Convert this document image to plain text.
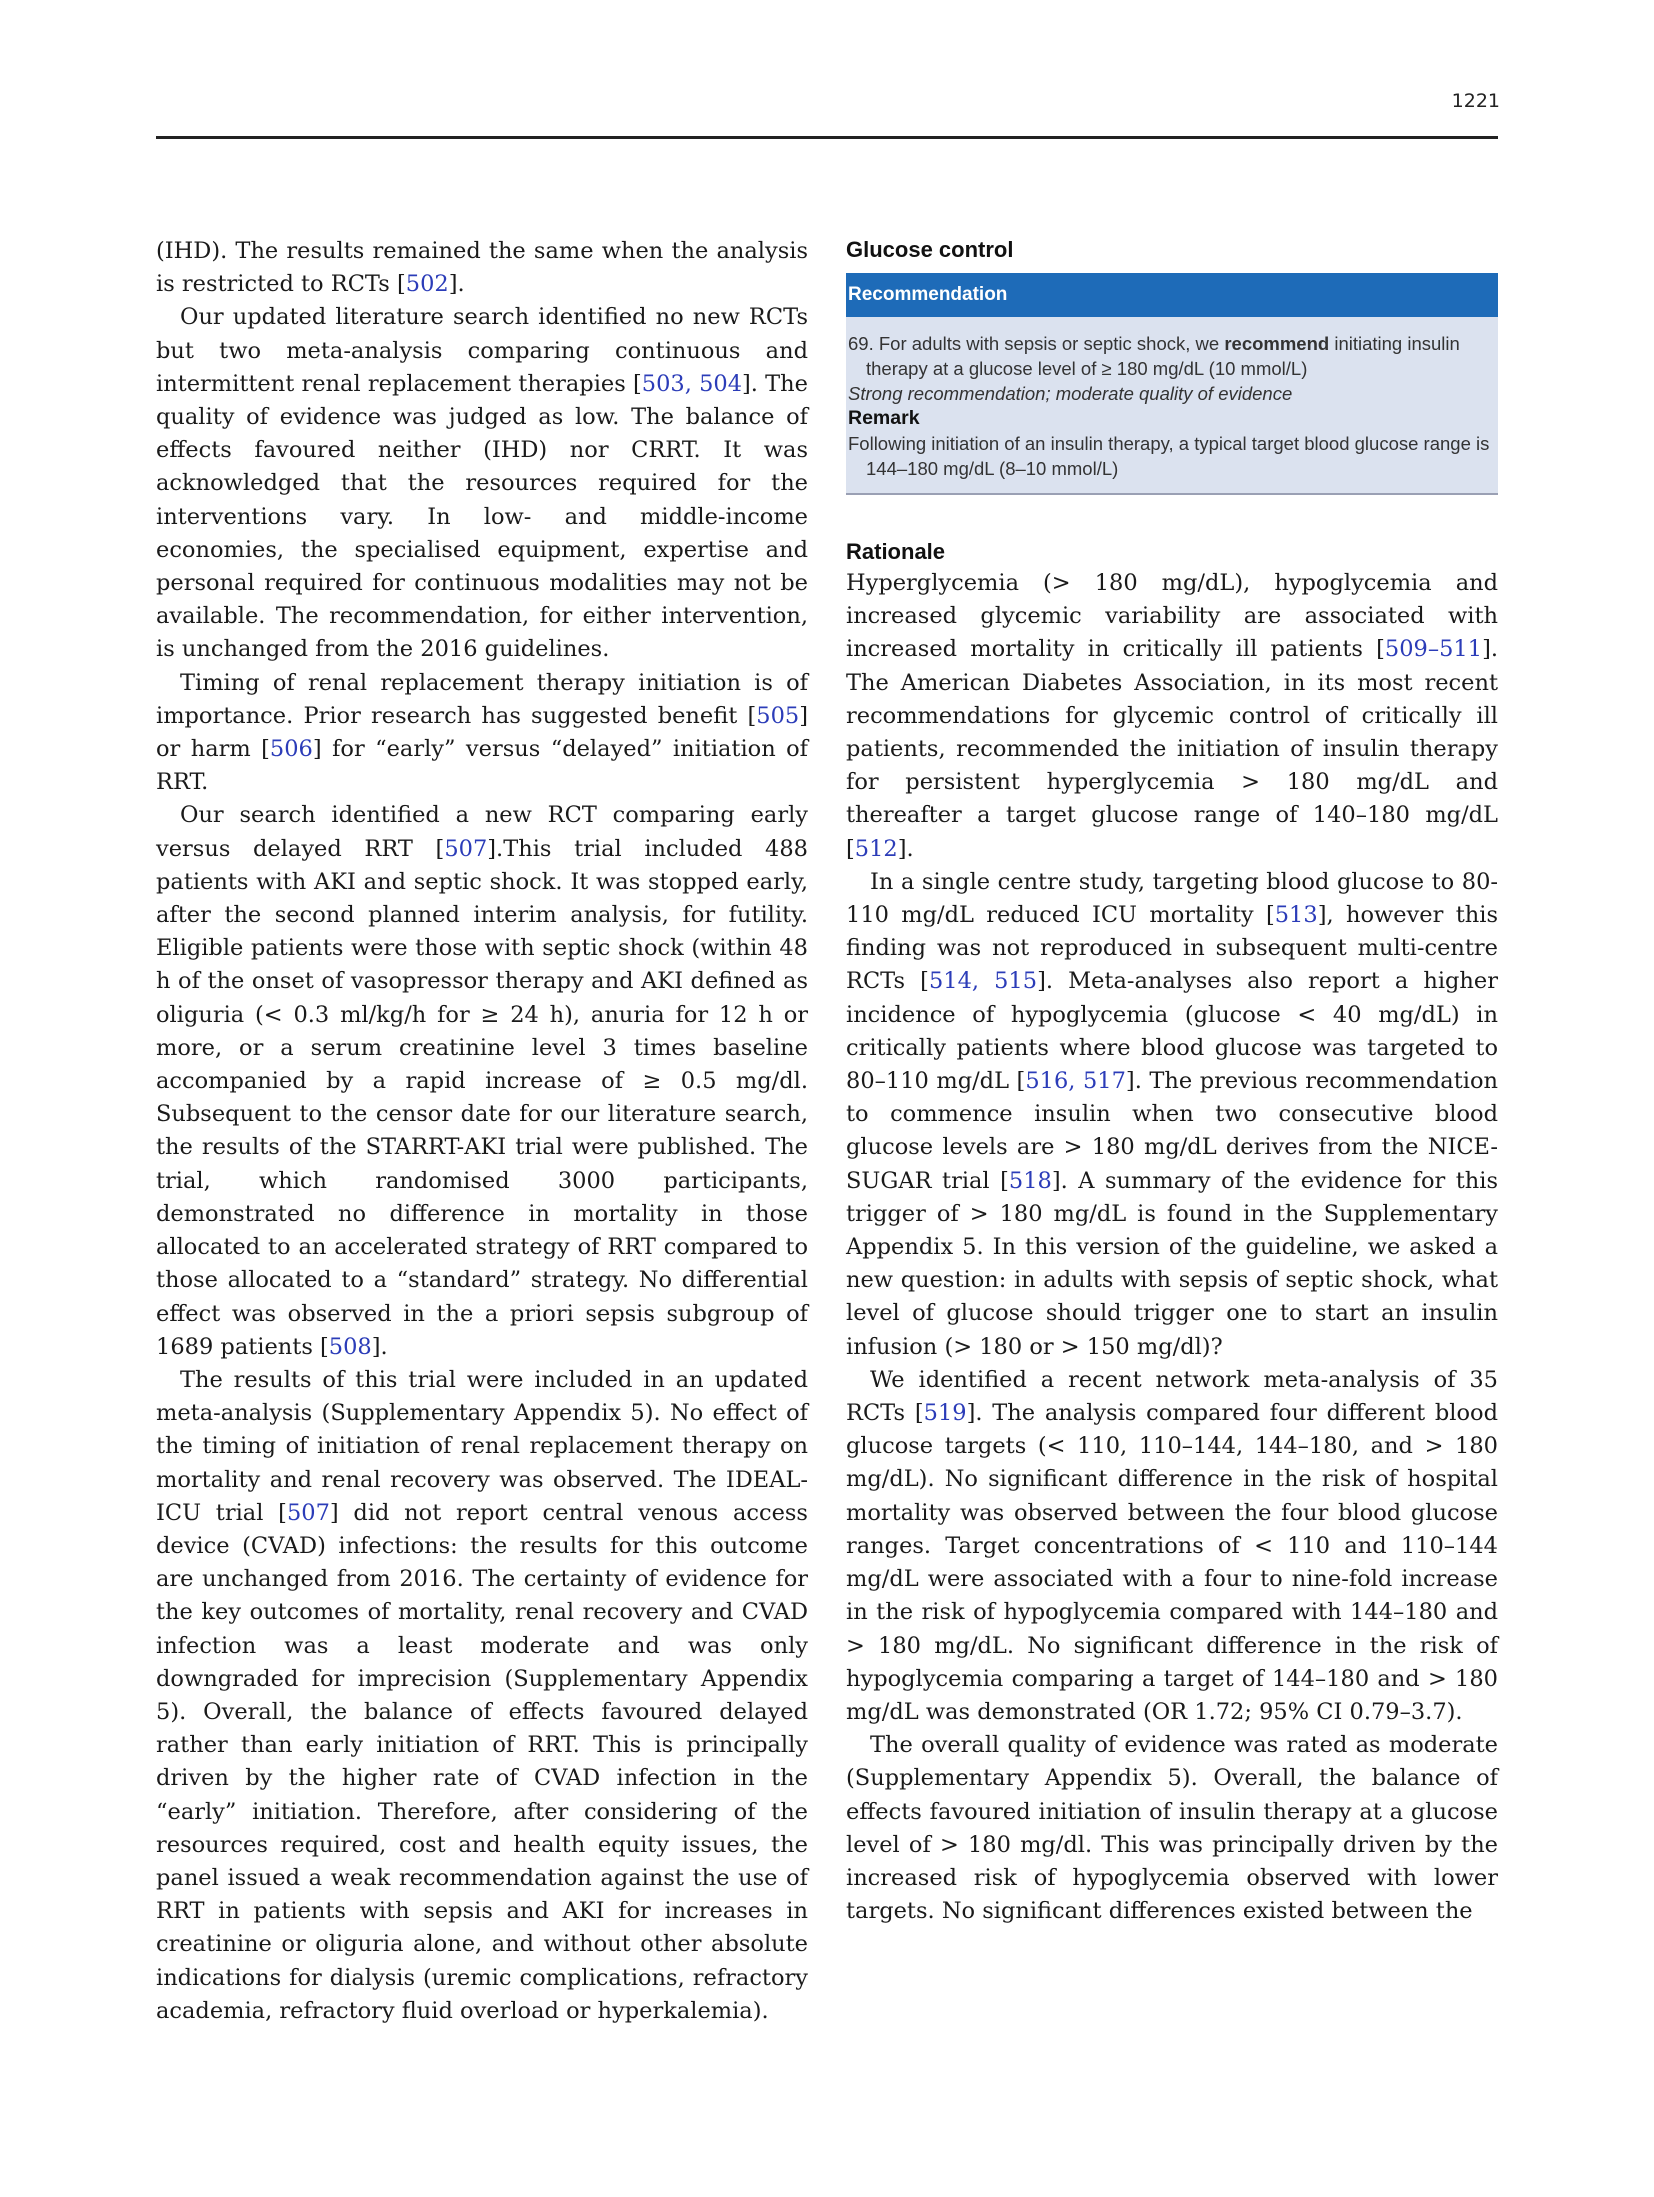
1221

(IHD). The results remained the same when the analysis is restricted to RCTs [502].

Our updated literature search identified no new RCTs but two meta-analysis comparing continuous and intermittent renal replacement therapies [503, 504]. The quality of evidence was judged as low. The balance of effects favoured neither (IHD) nor CRRT. It was acknowledged that the resources required for the interventions vary. In low- and middle-income economies, the specialised equipment, expertise and personal required for continuous modalities may not be available. The recommendation, for either intervention, is unchanged from the 2016 guidelines.

Timing of renal replacement therapy initiation is of importance. Prior research has suggested benefit [505] or harm [506] for “early” versus “delayed” initiation of RRT.

Our search identified a new RCT comparing early versus delayed RRT [507].This trial included 488 patients with AKI and septic shock. It was stopped early, after the second planned interim analysis, for futility. Eligible patients were those with septic shock (within 48 h of the onset of vasopressor therapy and AKI defined as oliguria (< 0.3 ml/kg/h for ≥ 24 h), anuria for 12 h or more, or a serum creatinine level 3 times baseline accompanied by a rapid increase of ≥ 0.5 mg/dl. Subsequent to the censor date for our literature search, the results of the STARRT-AKI trial were published. The trial, which randomised 3000 participants, demonstrated no difference in mortality in those allocated to an accelerated strategy of RRT compared to those allocated to a “standard” strategy. No differential effect was observed in the a priori sepsis subgroup of 1689 patients [508].

The results of this trial were included in an updated meta-analysis (Supplementary Appendix 5). No effect of the timing of initiation of renal replacement therapy on mortality and renal recovery was observed. The IDEAL-ICU trial [507] did not report central venous access device (CVAD) infections: the results for this outcome are unchanged from 2016. The certainty of evidence for the key outcomes of mortality, renal recovery and CVAD infection was a least moderate and was only downgraded for imprecision (Supplementary Appendix 5). Overall, the balance of effects favoured delayed rather than early initiation of RRT. This is principally driven by the higher rate of CVAD infection in the “early” initiation. Therefore, after considering of the resources required, cost and health equity issues, the panel issued a weak recommendation against the use of RRT in patients with sepsis and AKI for increases in creatinine or oliguria alone, and without other absolute indications for dialysis (uremic complications, refractory academia, refractory fluid overload or hyperkalemia).

Glucose control
Recommendation

69. For adults with sepsis or septic shock, we recommend initiating insulin therapy at a glucose level of ≥ 180 mg/dL (10 mmol/L)

Strong recommendation; moderate quality of evidence

Remark

Following initiation of an insulin therapy, a typical target blood glucose range is 144–180 mg/dL (8–10 mmol/L)

Rationale

Hyperglycemia (> 180 mg/dL), hypoglycemia and increased glycemic variability are associated with increased mortality in critically ill patients [509–511]. The American Diabetes Association, in its most recent recommendations for glycemic control of critically ill patients, recommended the initiation of insulin therapy for persistent hyperglycemia > 180 mg/dL and thereafter a target glucose range of 140–180 mg/dL [512].

In a single centre study, targeting blood glucose to 80-110 mg/dL reduced ICU mortality [513], however this finding was not reproduced in subsequent multi-centre RCTs [514, 515]. Meta-analyses also report a higher incidence of hypoglycemia (glucose < 40 mg/dL) in critically patients where blood glucose was targeted to 80–110 mg/dL [516, 517]. The previous recommendation to commence insulin when two consecutive blood glucose levels are > 180 mg/dL derives from the NICE-SUGAR trial [518]. A summary of the evidence for this trigger of > 180 mg/dL is found in the Supplementary Appendix 5. In this version of the guideline, we asked a new question: in adults with sepsis of septic shock, what level of glucose should trigger one to start an insulin infusion (> 180 or > 150 mg/dl)?

We identified a recent network meta-analysis of 35 RCTs [519]. The analysis compared four different blood glucose targets (< 110, 110–144, 144–180, and > 180 mg/dL). No significant difference in the risk of hospital mortality was observed between the four blood glucose ranges. Target concentrations of < 110 and 110–144 mg/dL were associated with a four to nine-fold increase in the risk of hypoglycemia compared with 144–180 and > 180 mg/dL. No significant difference in the risk of hypoglycemia comparing a target of 144–180 and > 180 mg/dL was demonstrated (OR 1.72; 95% CI 0.79–3.7).

The overall quality of evidence was rated as moderate (Supplementary Appendix 5). Overall, the balance of effects favoured initiation of insulin therapy at a glucose level of > 180 mg/dl. This was principally driven by the increased risk of hypoglycemia observed with lower targets. No significant differences existed between the
